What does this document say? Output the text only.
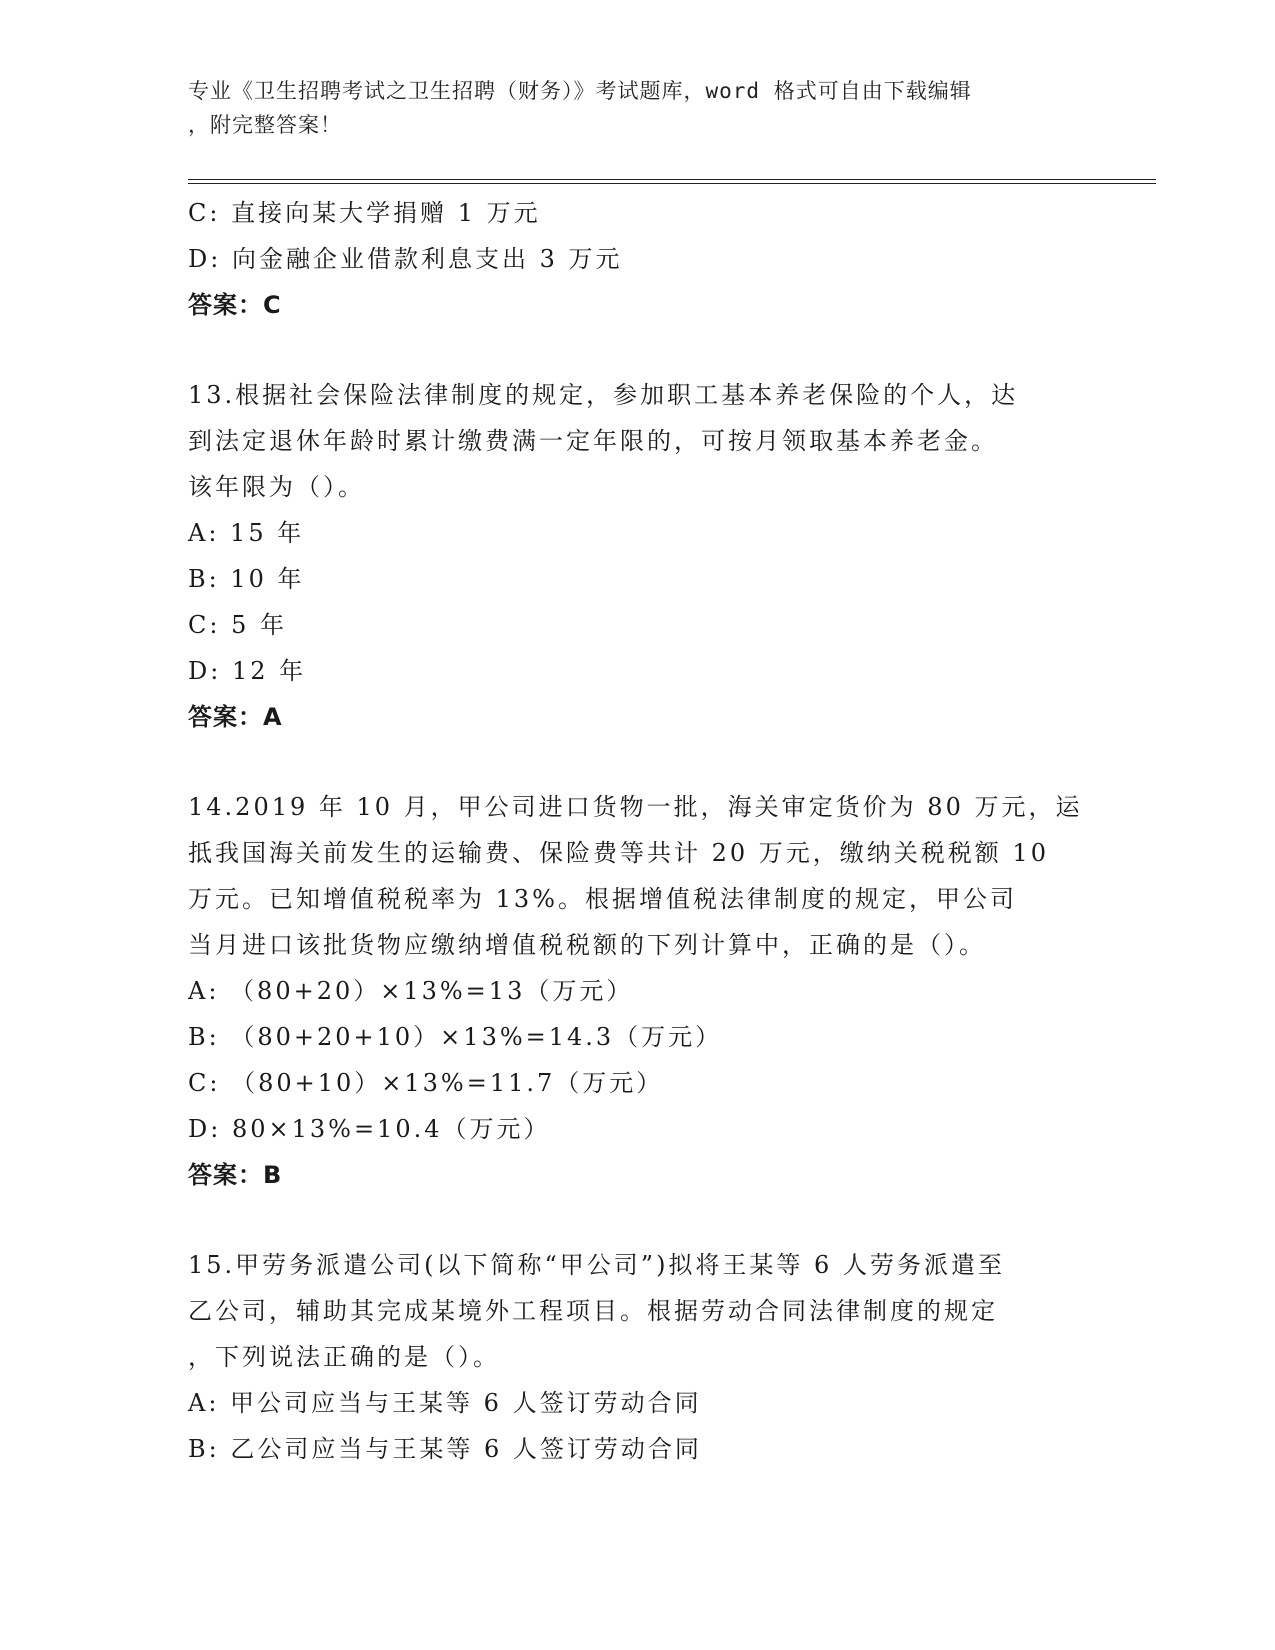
专业《卫生招聘考试之卫生招聘（财务）》考试题库，word 格式可自由下载编辑
，附完整答案！
C: 直接向某大学捐赠 1 万元
D: 向金融企业借款利息支出 3 万元
答案：C
13.根据社会保险法律制度的规定，参加职工基本养老保险的个人，达
到法定退休年龄时累计缴费满一定年限的，可按月领取基本养老金。
该年限为（）。
A: 15 年
B: 10 年
C: 5 年
D: 12 年
答案：A
14.2019 年 10 月，甲公司进口货物一批，海关审定货价为 80 万元，运
抵我国海关前发生的运输费、保险费等共计 20 万元，缴纳关税税额 10
万元。已知增值税税率为 13%。根据增值税法律制度的规定，甲公司
当月进口该批货物应缴纳增值税税额的下列计算中，正确的是（）。
A: （80+20）×13%=13（万元）
B: （80+20+10）×13%=14.3（万元）
C: （80+10）×13%=11.7（万元）
D: 80×13%=10.4（万元）
答案：B
15.甲劳务派遣公司(以下简称“甲公司”)拟将王某等 6 人劳务派遣至
乙公司，辅助其完成某境外工程项目。根据劳动合同法律制度的规定
，下列说法正确的是（）。
A: 甲公司应当与王某等 6 人签订劳动合同
B: 乙公司应当与王某等 6 人签订劳动合同
